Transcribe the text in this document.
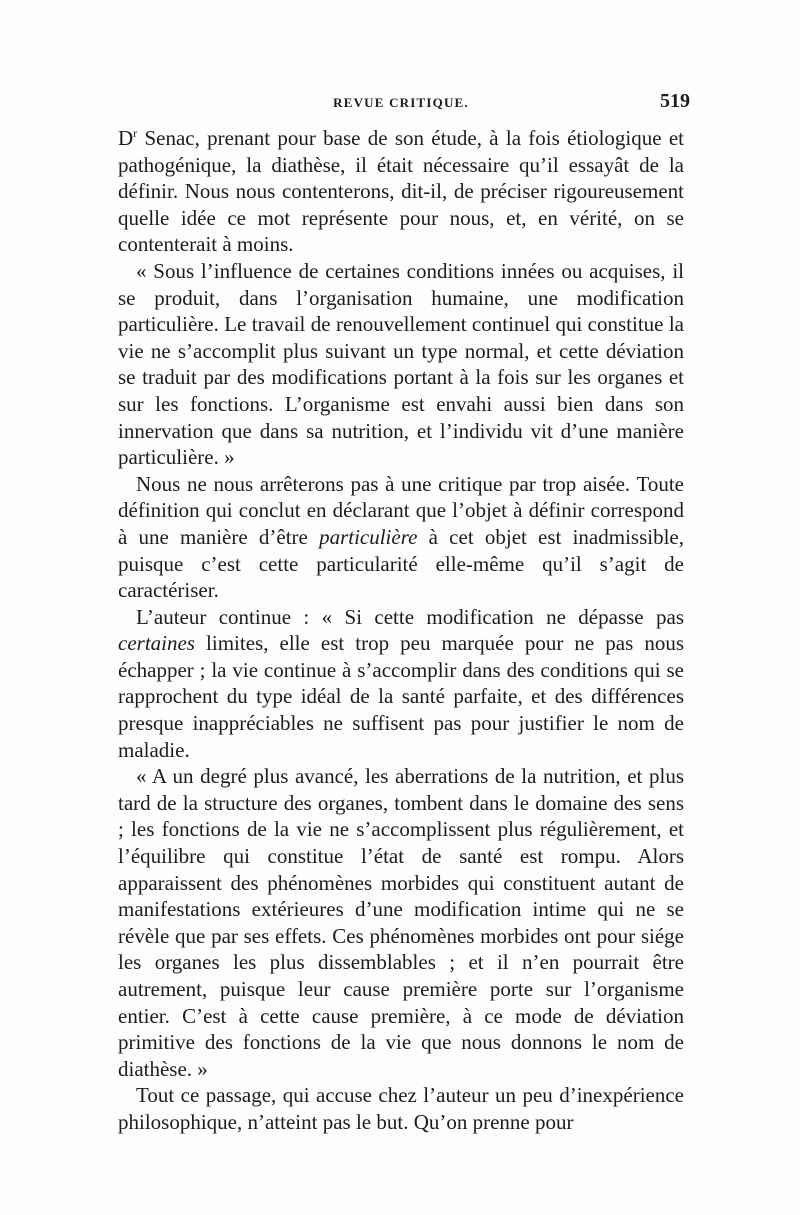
REVUE CRITIQUE.	519

$D^r$ Senac, prenant pour base de son étude, à la fois étiologique et pathogénique, la diathèse, il était nécessaire qu’il essayât de la définir. Nous nous contenterons, dit-il, de préciser rigoureusement quelle idée ce mot représente pour nous, et, en vérité, on se contenterait à moins.

« Sous l’influence de certaines conditions innées ou acquises, il se produit, dans l’organisation humaine, une modification particulière. Le travail de renouvellement continuel qui constitue la vie ne s’accomplit plus suivant un type normal, et cette déviation se traduit par des modifications portant à la fois sur les organes et sur les fonctions. L’organisme est envahi aussi bien dans son innervation que dans sa nutrition, et l’individu vit d’une manière particulière. »

Nous ne nous arrêterons pas à une critique par trop aisée. Toute définition qui conclut en déclarant que l’objet à définir correspond à une manière d’être particulière à cet objet est inadmissible, puisque c’est cette particularité elle-même qu’il s’agit de caractériser.

L’auteur continue : « Si cette modification ne dépasse pas certaines limites, elle est trop peu marquée pour ne pas nous échapper ; la vie continue à s’accomplir dans des conditions qui se rapprochent du type idéal de la santé parfaite, et des différences presque inappréciables ne suffisent pas pour justifier le nom de maladie.

« A un degré plus avancé, les aberrations de la nutrition, et plus tard de la structure des organes, tombent dans le domaine des sens ; les fonctions de la vie ne s’accomplissent plus régulièrement, et l’équilibre qui constitue l’état de santé est rompu. Alors apparaissent des phénomènes morbides qui constituent autant de manifestations extérieures d’une modification intime qui ne se révèle que par ses effets. Ces phénomènes morbides ont pour siége les organes les plus dissemblables ; et il n’en pourrait être autrement, puisque leur cause première porte sur l’organisme entier. C’est à cette cause première, à ce mode de déviation primitive des fonctions de la vie que nous donnons le nom de diathèse. »

Tout ce passage, qui accuse chez l’auteur un peu d’inexpérience philosophique, n’atteint pas le but. Qu’on prenne pour
